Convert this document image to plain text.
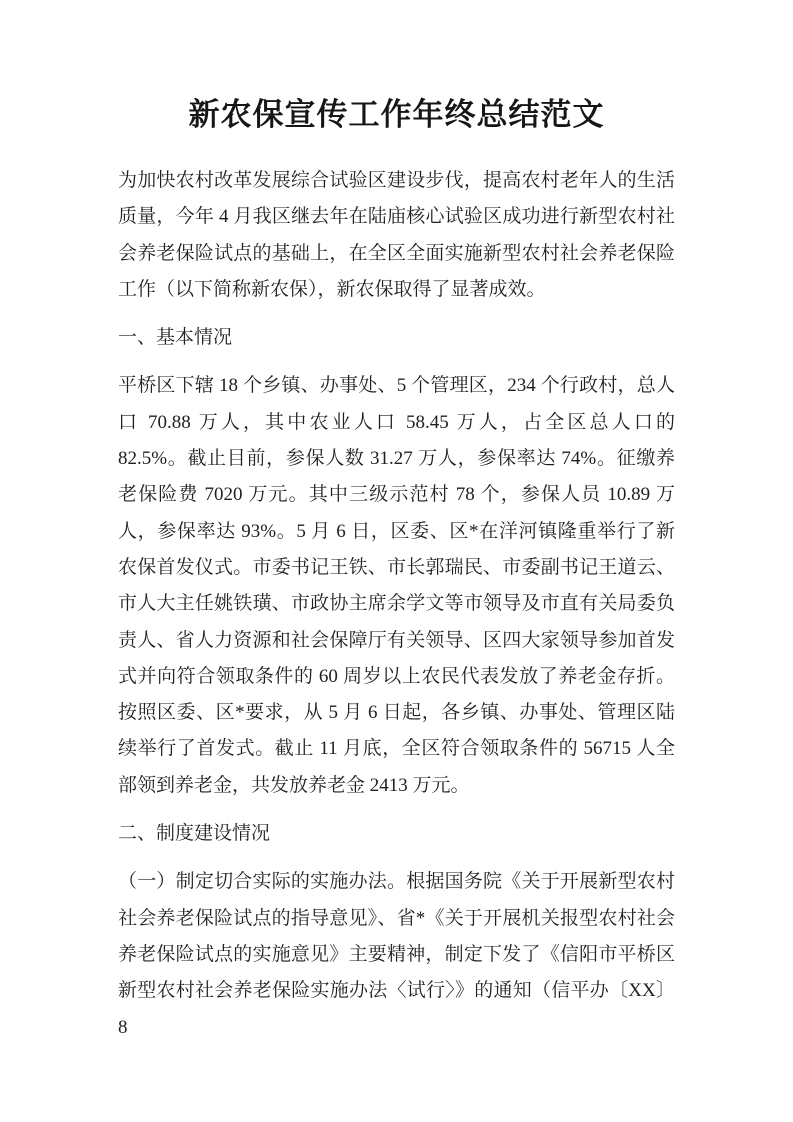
新农保宣传工作年终总结范文

为加快农村改革发展综合试验区建设步伐，提高农村老年人的生活质量，今年 4 月我区继去年在陆庙核心试验区成功进行新型农村社会养老保险试点的基础上，在全区全面实施新型农村社会养老保险工作（以下简称新农保），新农保取得了显著成效。

一、基本情况

平桥区下辖 18 个乡镇、办事处、5 个管理区，234 个行政村，总人口 70.88 万人，其中农业人口 58.45 万人，占全区总人口的 82.5%。截止目前，参保人数 31.27 万人，参保率达 74%。征缴养老保险费 7020 万元。其中三级示范村 78 个，参保人员 10.89 万人，参保率达 93%。5 月 6 日，区委、区*在洋河镇隆重举行了新农保首发仪式。市委书记王铁、市长郭瑞民、市委副书记王道云、市人大主任姚铁璜、市政协主席余学文等市领导及市直有关局委负责人、省人力资源和社会保障厅有关领导、区四大家领导参加首发式并向符合领取条件的 60 周岁以上农民代表发放了养老金存折。按照区委、区*要求，从 5 月 6 日起，各乡镇、办事处、管理区陆续举行了首发式。截止 11 月底，全区符合领取条件的 56715 人全部领到养老金，共发放养老金 2413 万元。

二、制度建设情况

（一）制定切合实际的实施办法。根据国务院《关于开展新型农村社会养老保险试点的指导意见》、省*《关于开展机关报型农村社会养老保险试点的实施意见》主要精神，制定下发了《信阳市平桥区新型农村社会养老保险实施办法〈试行〉》的通知（信平办〔XX〕8
